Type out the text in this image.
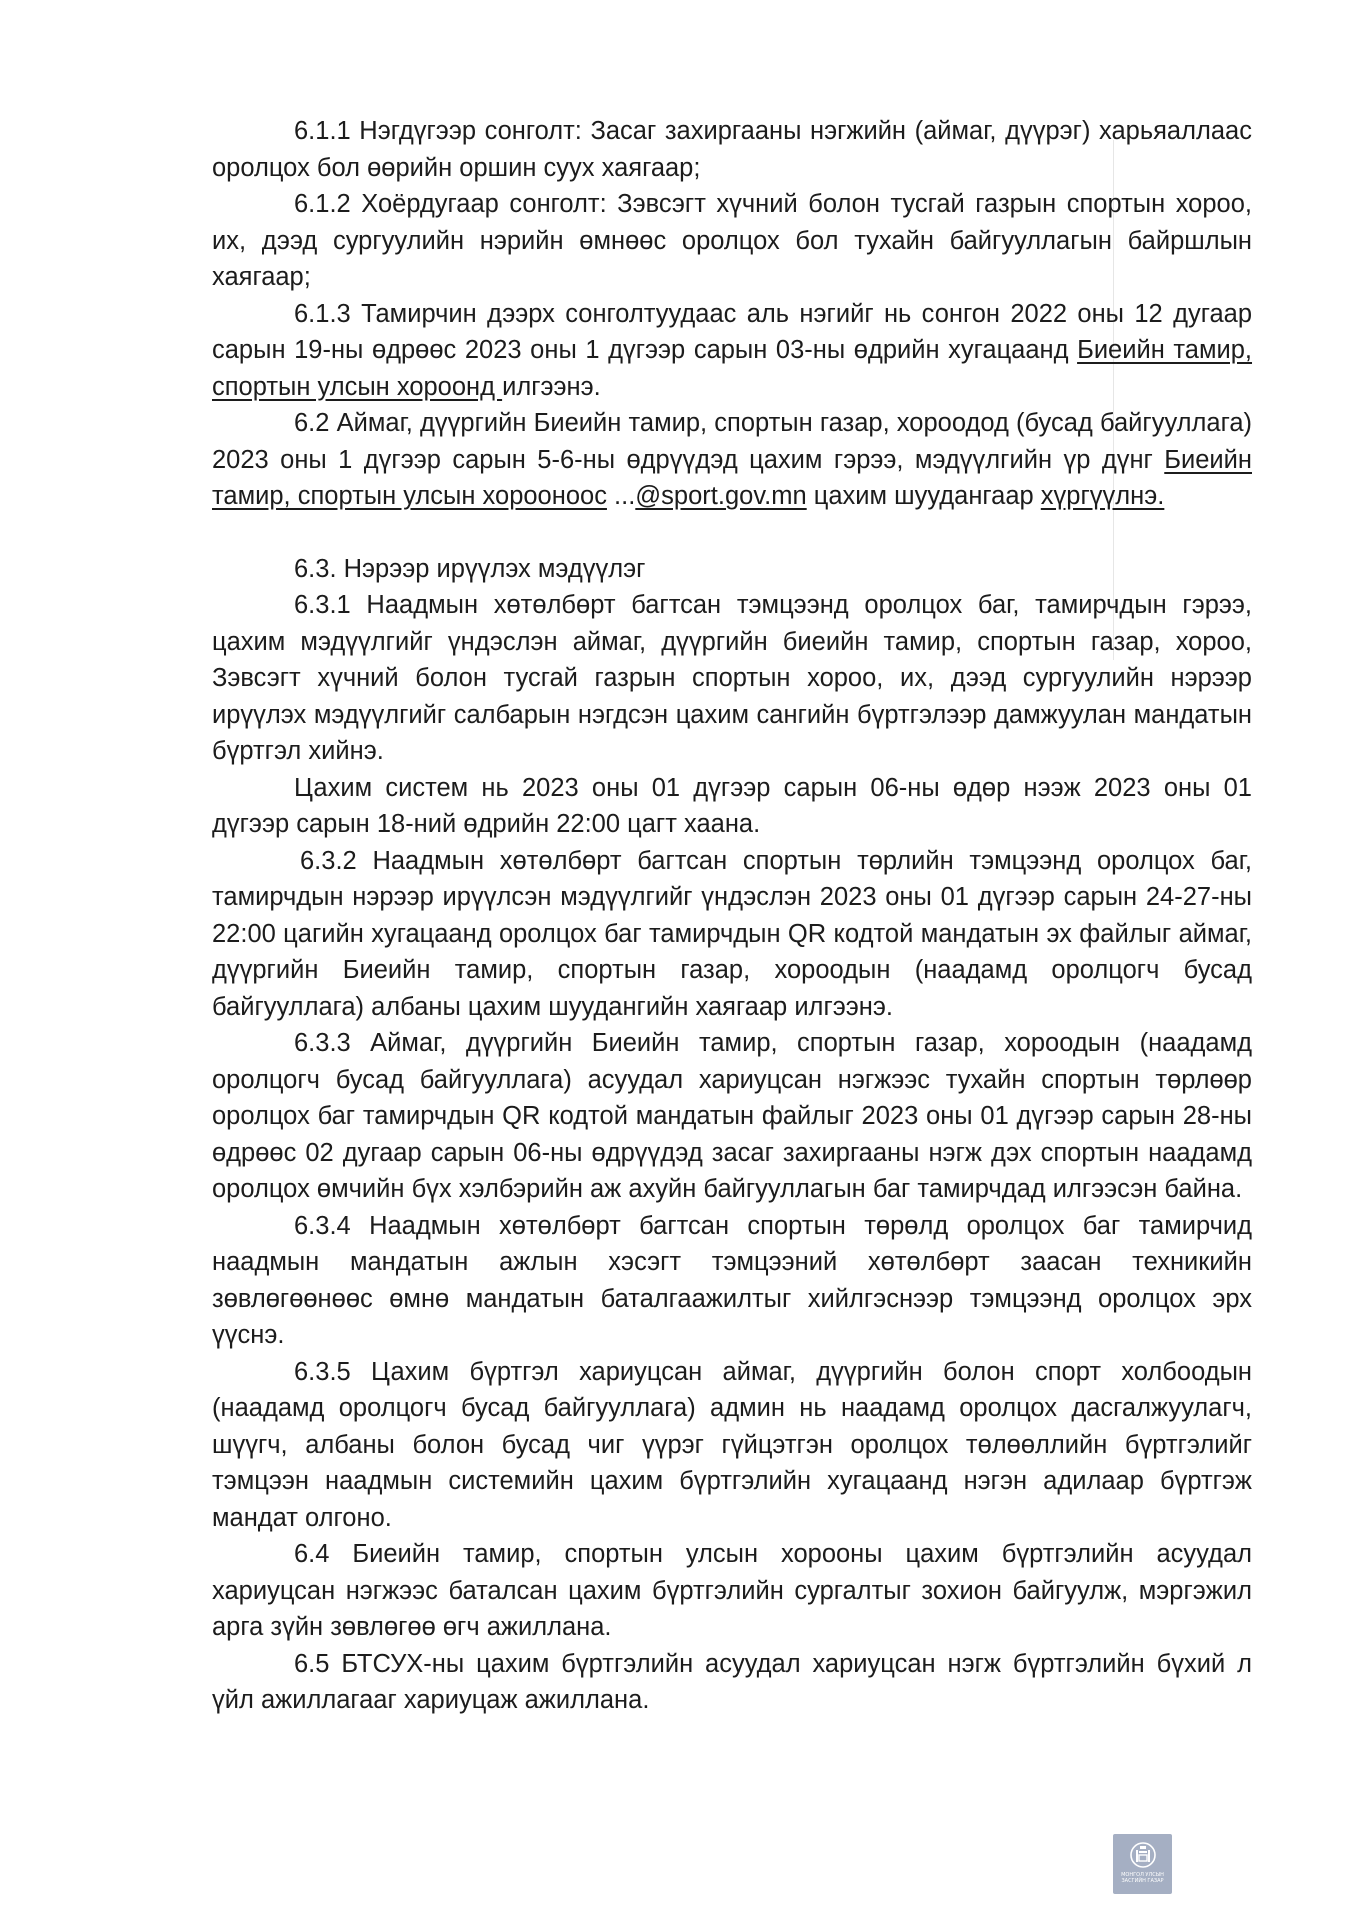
6.1.1 Нэгдүгээр сонголт: Засаг захиргааны нэгжийн (аймаг, дүүрэг) харьяаллаас оролцох бол өөрийн оршин суух хаягаар;

6.1.2 Хоёрдугаар сонголт: Зэвсэгт хүчний болон тусгай газрын спортын хороо, их, дээд сургуулийн нэрийн өмнөөс оролцох бол тухайн байгууллагын байршлын хаягаар;

6.1.3 Тамирчин дээрх сонголтуудаас аль нэгийг нь сонгон 2022 оны 12 дугаар сарын 19-ны өдрөөс 2023 оны 1 дүгээр сарын 03-ны өдрийн хугацаанд Биеийн тамир, спортын улсын хороонд илгээнэ.

6.2 Аймаг, дүүргийн Биеийн тамир, спортын газар, хороодод (бусад байгууллага) 2023 оны 1 дүгээр сарын 5-6-ны өдрүүдэд цахим гэрээ, мэдүүлгийн үр дүнг Биеийн тамир, спортын улсын хорооноос ...@sport.gov.mn цахим шуудангаар хүргүүлнэ.

6.3. Нэрээр ирүүлэх мэдүүлэг

6.3.1 Наадмын хөтөлбөрт багтсан тэмцээнд оролцох баг, тамирчдын гэрээ, цахим мэдүүлгийг үндэслэн аймаг, дүүргийн биеийн тамир, спортын газар, хороо, Зэвсэгт хүчний болон тусгай газрын спортын хороо, их, дээд сургуулийн нэрээр ирүүлэх мэдүүлгийг салбарын нэгдсэн цахим сангийн бүртгэлээр дамжуулан мандатын бүртгэл хийнэ.

Цахим систем нь 2023 оны 01 дүгээр сарын 06-ны өдөр нээж 2023 оны 01 дүгээр сарын 18-ний өдрийн 22:00 цагт хаана.

6.3.2 Наадмын хөтөлбөрт багтсан спортын төрлийн тэмцээнд оролцох баг, тамирчдын нэрээр ирүүлсэн мэдүүлгийг үндэслэн 2023 оны 01 дүгээр сарын 24-27-ны 22:00 цагийн хугацаанд оролцох баг тамирчдын QR кодтой мандатын эх файлыг аймаг, дүүргийн Биеийн тамир, спортын газар, хороодын (наадамд оролцогч бусад байгууллага) албаны цахим шуудангийн хаягаар илгээнэ.

6.3.3 Аймаг, дүүргийн Биеийн тамир, спортын газар, хороодын (наадамд оролцогч бусад байгууллага) асуудал хариуцсан нэгжээс тухайн спортын төрлөөр оролцох баг тамирчдын QR кодтой мандатын файлыг 2023 оны 01 дүгээр сарын 28-ны өдрөөс 02 дугаар сарын 06-ны өдрүүдэд засаг захиргааны нэгж дэх спортын наадамд оролцох өмчийн бүх хэлбэрийн аж ахуйн байгууллагын баг тамирчдад илгээсэн байна.

6.3.4 Наадмын хөтөлбөрт багтсан спортын төрөлд оролцох баг тамирчид наадмын мандатын ажлын хэсэгт тэмцээний хөтөлбөрт заасан техникийн зөвлөгөөнөөс өмнө мандатын баталгаажилтыг хийлгэснээр тэмцээнд оролцох эрх үүснэ.

6.3.5 Цахим бүртгэл хариуцсан аймаг, дүүргийн болон спорт холбоодын (наадамд оролцогч бусад байгууллага) админ нь наадамд оролцох дасгалжуулагч, шүүгч, албаны болон бусад чиг үүрэг гүйцэтгэн оролцох төлөөллийн бүртгэлийг тэмцээн наадмын системийн цахим бүртгэлийн хугацаанд нэгэн адилаар бүртгэж мандат олгоно.

6.4 Биеийн тамир, спортын улсын хорооны цахим бүртгэлийн асуудал хариуцсан нэгжээс баталсан цахим бүртгэлийн сургалтыг зохион байгуулж, мэргэжил арга зүйн зөвлөгөө өгч ажиллана.

6.5 БТСУХ-ны цахим бүртгэлийн асуудал хариуцсан нэгж бүртгэлийн бүхий л үйл ажиллагааг хариуцаж ажиллана.

МОНГОЛ УЛСЫН
ЗАСГИЙН ГАЗАР
